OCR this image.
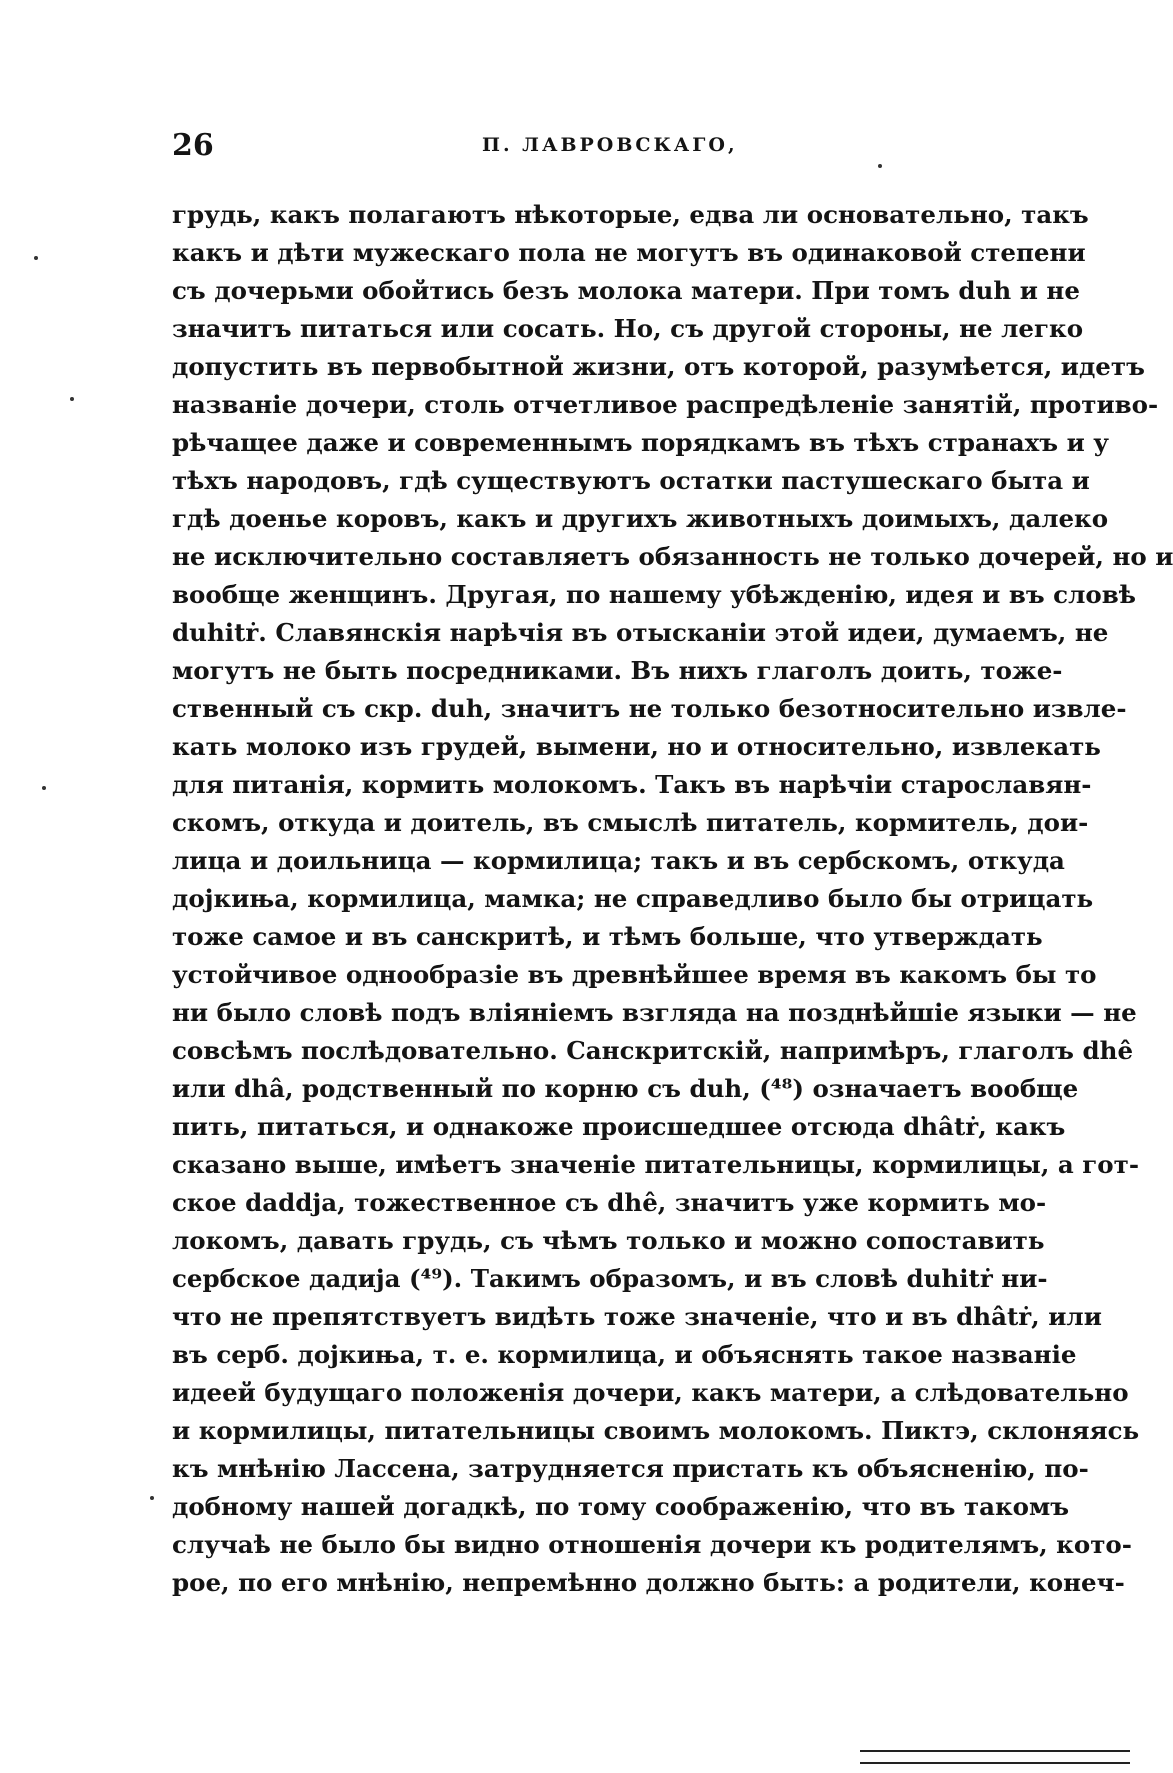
26	П. ЛАВРОВСКАГО,
грудь, какъ полагаютъ нѣкоторые, едва ли основательно, такъ
какъ и дѣти мужескаго пола не могутъ въ одинаковой степени
съ дочерьми обойтись безъ молока матери. При томъ duh и не
значитъ питаться или сосать. Но, съ другой стороны, не легко
допустить въ первобытной жизни, отъ которой, разумѣется, идетъ
названіе дочери, столь отчетливое распредѣленіе занятій, противо-
рѣчащее даже и современнымъ порядкамъ въ тѣхъ странахъ и у
тѣхъ народовъ, гдѣ существуютъ остатки пастушескаго быта и
гдѣ доенье коровъ, какъ и другихъ животныхъ доимыхъ, далеко
не исключительно составляетъ обязанность не только дочерей, но и
вообще женщинъ. Другая, по нашему убѣжденію, идея и въ словѣ
duhitṙ. Славянскія нарѣчія въ отысканіи этой идеи, думаемъ, не
могутъ не быть посредниками. Въ нихъ глаголъ доить, тоже-
ственный съ скр. duh, значитъ не только безотносительно извле-
кать молоко изъ грудей, вымени, но и относительно, извлекать
для питанія, кормить молокомъ. Такъ въ нарѣчіи старославян-
скомъ, откуда и доитель, въ смыслѣ питатель, кормитель, дои-
лица и доильница — кормилица; такъ и въ сербскомъ, откуда
дојкиња, кормилица, мамка; не справедливо было бы отрицать
тоже самое и въ санскритѣ, и тѣмъ больше, что утверждать
устойчивое однообразіе въ древнѣйшее время въ какомъ бы то
ни было словѣ подъ вліяніемъ взгляда на позднѣйшіе языки — не
совсѣмъ послѣдовательно. Санскритскій, напримѣръ, глаголъ dhê
или dhâ, родственный по корню съ duh, (⁴⁸) означаетъ вообще
пить, питаться, и однакоже происшедшее отсюда dhâtṙ, какъ
сказано выше, имѣетъ значеніе питательницы, кормилицы, а гот-
ское daddja, тожественное съ dhê, значитъ уже кормить мо-
локомъ, давать грудь, съ чѣмъ только и можно сопоставить
сербское дадија (⁴⁹). Такимъ образомъ, и въ словѣ duhitṙ ни-
что не препятствуетъ видѣть тоже значеніе, что и въ dhâtṙ, или
въ серб. дојкиња, т. е. кормилица, и объяснять такое названіе
идеей будущаго положенія дочери, какъ матери, а слѣдовательно
и кормилицы, питательницы своимъ молокомъ. Пиктэ, склоняясь
къ мнѣнію Лассена, затрудняется пристать къ объясненію, по-
добному нашей догадкѣ, по тому соображенію, что въ такомъ
случаѣ не было бы видно отношенія дочери къ родителямъ, кото-
рое, по его мнѣнію, непремѣнно должно быть: а родители, конеч-
